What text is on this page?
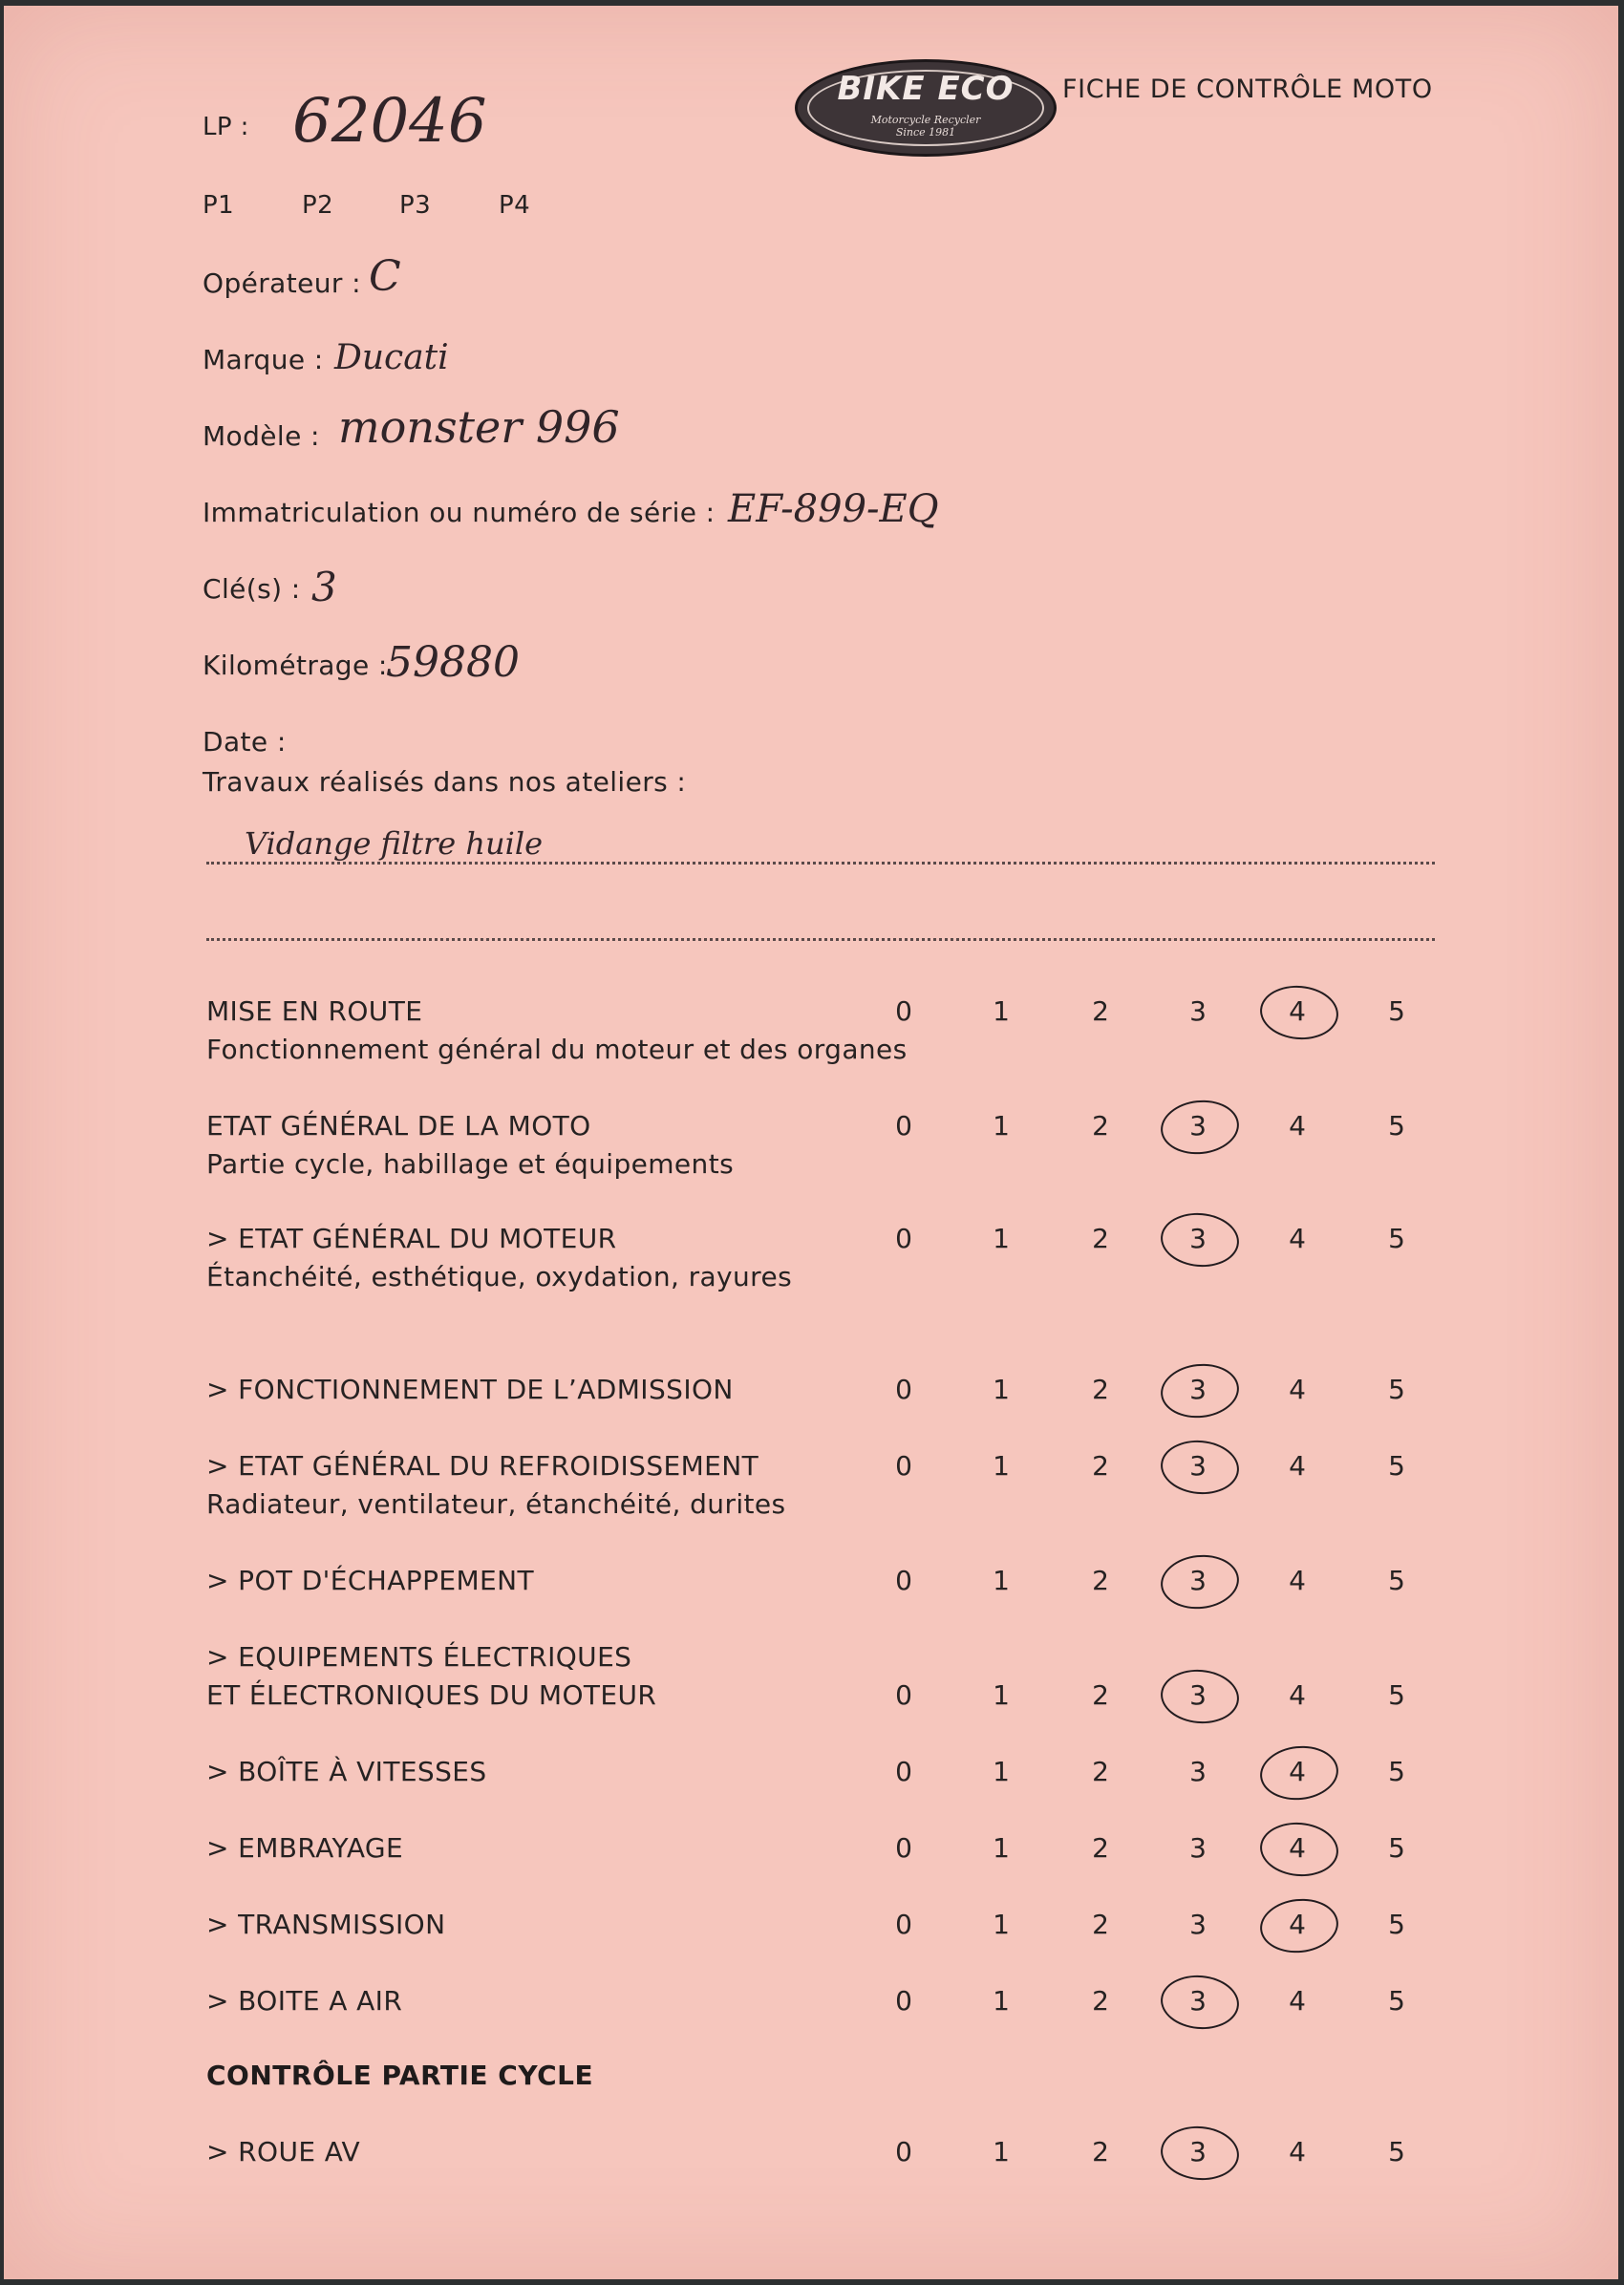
BIKE ECO
Motorcycle Recycler
Since 1981
FICHE DE CONTRÔLE MOTO
LP : 62046
P1	P2	P3	P4
Opérateur : C
Marque : Ducati
Modèle : monster 996
Immatriculation ou numéro de série : EF-899-EQ
Clé(s) : 3
Kilométrage :
59880
Date :
Travaux réalisés dans nos ateliers :
Vidange filtre huile
CONTRÔLE PARTIE CYCLE
MISE EN ROUTE
Fonctionnement général du moteur et des organes
0	1	2	3	4	5
ETAT GÉNÉRAL DE LA MOTO
Partie cycle, habillage et équipements
0	1	2	3	4	5
> ETAT GÉNÉRAL DU MOTEUR
Étanchéité, esthétique, oxydation, rayures
0	1	2	3	4	5
> FONCTIONNEMENT DE L’ADMISSION	0	1	2	3	4	5
> ETAT GÉNÉRAL DU REFROIDISSEMENT
Radiateur, ventilateur, étanchéité, durites
0	1	2	3	4	5
> POT D'ÉCHAPPEMENT	0	1	2	3	4	5
> EQUIPEMENTS ÉLECTRIQUES
ET ÉLECTRONIQUES DU MOTEUR	0	1	2	3	4	5
> BOÎTE À VITESSES	0	1	2	3	4	5
> EMBRAYAGE	0	1	2	3	4	5
> TRANSMISSION	0	1	2	3	4	5
> BOITE A AIR	0	1	2	3	4	5
> ROUE AV	0	1	2	3	4	5
